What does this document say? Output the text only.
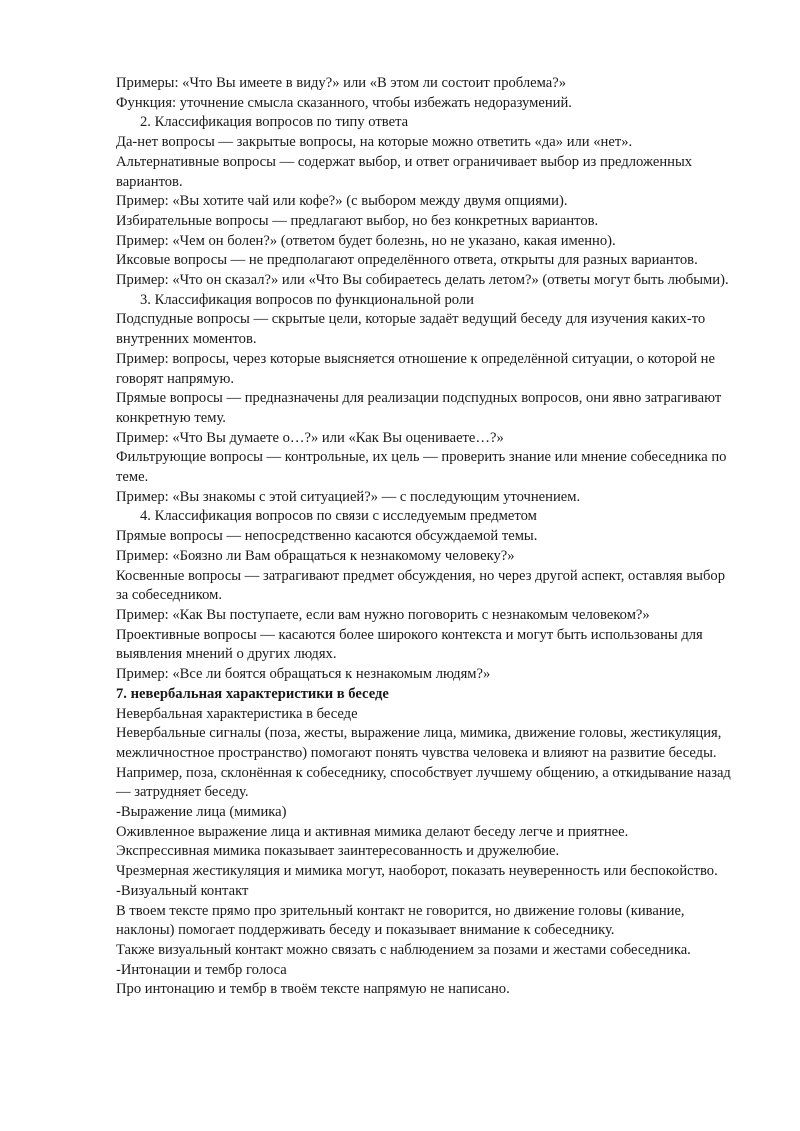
Примеры: «Что Вы имеете в виду?» или «В этом ли состоит проблема?»

Функция: уточнение смысла сказанного, чтобы избежать недоразумений.

2. Классификация вопросов по типу ответа

Да-нет вопросы — закрытые вопросы, на которые можно ответить «да» или «нет».

Альтернативные вопросы — содержат выбор, и ответ ограничивает выбор из предложенных вариантов.

Пример: «Вы хотите чай или кофе?» (с выбором между двумя опциями).

Избирательные вопросы — предлагают выбор, но без конкретных вариантов.

Пример: «Чем он болен?» (ответом будет болезнь, но не указано, какая именно).

Иксовые вопросы — не предполагают определённого ответа, открыты для разных вариантов.

Пример: «Что он сказал?» или «Что Вы собираетесь делать летом?» (ответы могут быть любыми).

3. Классификация вопросов по функциональной роли

Подспудные вопросы — скрытые цели, которые задаёт ведущий беседу для изучения каких-то внутренних моментов.

Пример: вопросы, через которые выясняется отношение к определённой ситуации, о которой не говорят напрямую.

Прямые вопросы — предназначены для реализации подспудных вопросов, они явно затрагивают конкретную тему.

Пример: «Что Вы думаете о…?» или «Как Вы оцениваете…?»

Фильтрующие вопросы — контрольные, их цель — проверить знание или мнение собеседника по теме.

Пример: «Вы знакомы с этой ситуацией?» — с последующим уточнением.

4. Классификация вопросов по связи с исследуемым предметом

Прямые вопросы — непосредственно касаются обсуждаемой темы.

Пример: «Боязно ли Вам обращаться к незнакомому человеку?»

Косвенные вопросы — затрагивают предмет обсуждения, но через другой аспект, оставляя выбор за собеседником.

Пример: «Как Вы поступаете, если вам нужно поговорить с незнакомым человеком?»

Проективные вопросы — касаются более широкого контекста и могут быть использованы для выявления мнений о других людях.

Пример: «Все ли боятся обращаться к незнакомым людям?»

7. невербальная характеристики в беседе

Невербальная характеристика в беседе

Невербальные сигналы (поза, жесты, выражение лица, мимика, движение головы, жестикуляция, межличностное пространство) помогают понять чувства человека и влияют на развитие беседы.

Например, поза, склонённая к собеседнику, способствует лучшему общению, а откидывание назад — затрудняет беседу.

-Выражение лица (мимика)

Оживленное выражение лица и активная мимика делают беседу легче и приятнее.

Экспрессивная мимика показывает заинтересованность и дружелюбие.

Чрезмерная жестикуляция и мимика могут, наоборот, показать неуверенность или беспокойство.

-Визуальный контакт

В твоем тексте прямо про зрительный контакт не говорится, но движение головы (кивание, наклоны) помогает поддерживать беседу и показывает внимание к собеседнику.

Также визуальный контакт можно связать с наблюдением за позами и жестами собеседника.

-Интонации и тембр голоса

Про интонацию и тембр в твоём тексте напрямую не написано.
